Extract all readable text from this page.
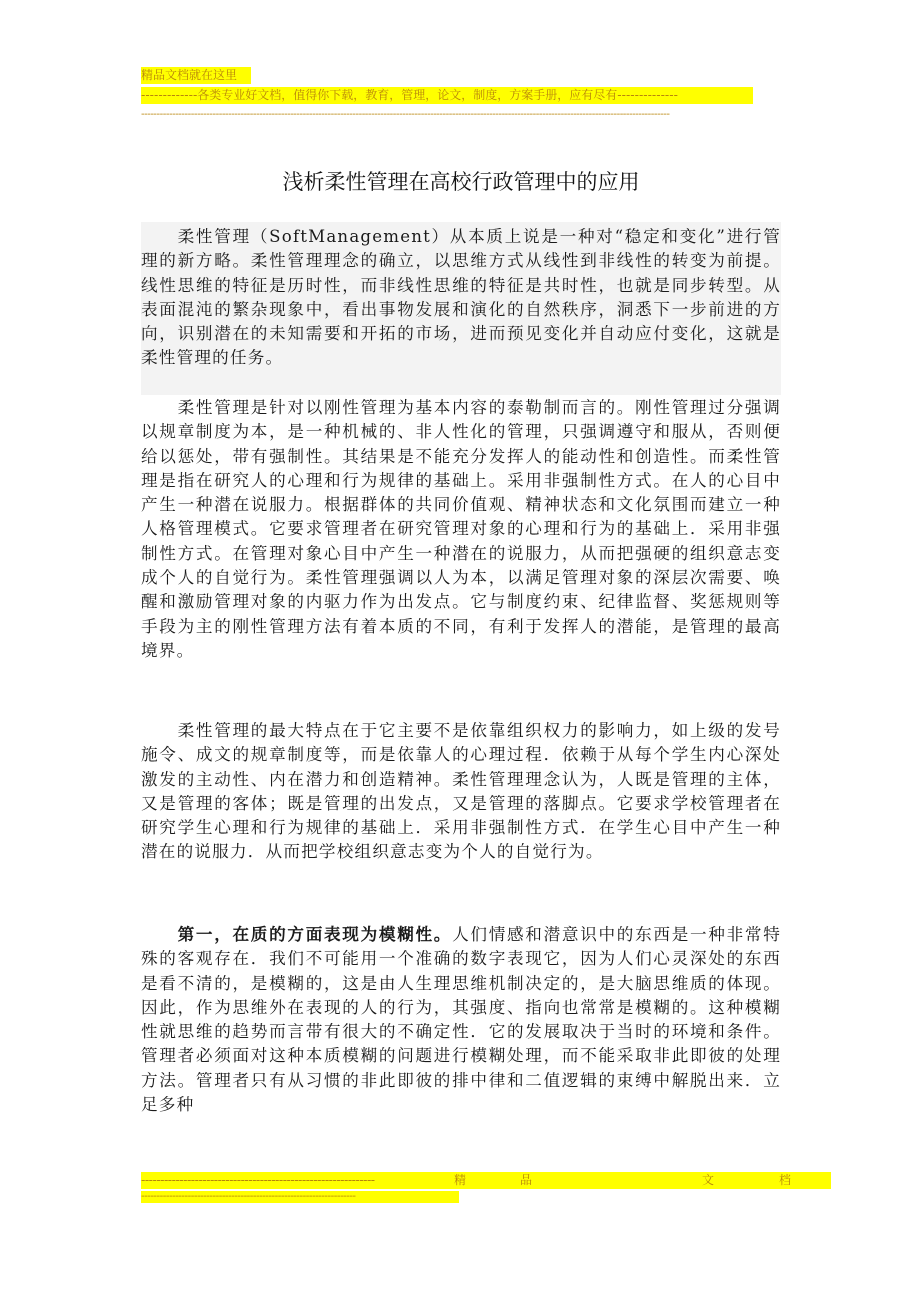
精品文档就在这里
-------------各类专业好文档，值得你下载，教育，管理，论文，制度，方案手册，应有尽有--------------
--------------------------------------------------------------------------------------------------------------------------------------------------------------------------
浅析柔性管理在高校行政管理中的应用
　　柔性管理（SoftManagement）从本质上说是一种对“稳定和变化”进行管理的新方略。柔性管理理念的确立，以思维方式从线性到非线性的转变为前提。线性思维的特征是历时性，而非线性思维的特征是共时性，也就是同步转型。从表面混沌的繁杂现象中，看出事物发展和演化的自然秩序，洞悉下一步前进的方向，识别潜在的未知需要和开拓的市场，进而预见变化并自动应付变化，这就是柔性管理的任务。
　　柔性管理是针对以刚性管理为基本内容的泰勒制而言的。刚性管理过分强调以规章制度为本，是一种机械的、非人性化的管理，只强调遵守和服从，否则便给以惩处，带有强制性。其结果是不能充分发挥人的能动性和创造性。而柔性管理是指在研究人的心理和行为规律的基础上。采用非强制性方式。在人的心目中产生一种潜在说服力。根据群体的共同价值观、精神状态和文化氛围而建立一种人格管理模式。它要求管理者在研究管理对象的心理和行为的基础上．采用非强制性方式。在管理对象心目中产生一种潜在的说服力，从而把强硬的组织意志变成个人的自觉行为。柔性管理强调以人为本，以满足管理对象的深层次需要、唤醒和激励管理对象的内驱力作为出发点。它与制度约束、纪律监督、奖惩规则等手段为主的刚性管理方法有着本质的不同，有利于发挥人的潜能，是管理的最高境界。
　　柔性管理的最大特点在于它主要不是依靠组织权力的影响力，如上级的发号施令、成文的规章制度等，而是依靠人的心理过程．依赖于从每个学生内心深处激发的主动性、内在潜力和创造精神。柔性管理理念认为，人既是管理的主体，又是管理的客体；既是管理的出发点，又是管理的落脚点。它要求学校管理者在研究学生心理和行为规律的基础上．采用非强制性方式．在学生心目中产生一种潜在的说服力．从而把学校组织意志变为个人的自觉行为。
　　第一，在质的方面表现为模糊性。人们情感和潜意识中的东西是一种非常特殊的客观存在．我们不可能用一个准确的数字表现它，因为人们心灵深处的东西是看不清的，是模糊的，这是由人生理思维机制决定的，是大脑思维质的体现。因此，作为思维外在表现的人的行为，其强度、指向也常常是模糊的。这种模糊性就思维的趋势而言带有很大的不确定性．它的发展取决于当时的环境和条件。管理者必须面对这种本质模糊的问题进行模糊处理，而不能采取非此即彼的处理方法。管理者只有从习惯的非此即彼的排中律和二值逻辑的束缚中解脱出来．立足多种
-------------------------------------------------------------	精	品	文	档
---------------------------------------------------------------------
